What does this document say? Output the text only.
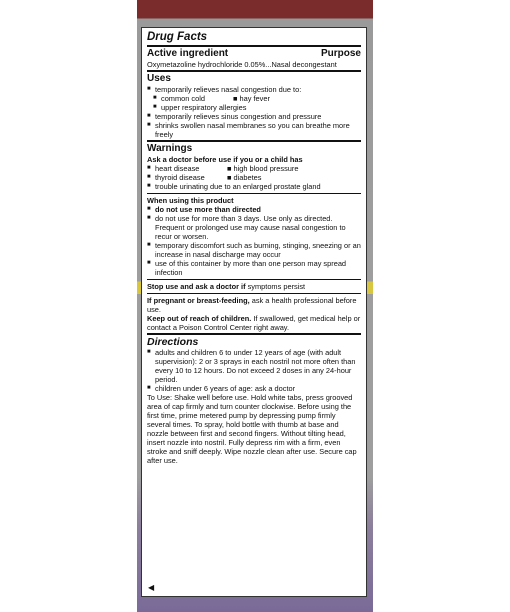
Drug Facts
Active ingredient	Purpose
Oxymetazoline hydrochloride 0.05%...Nasal decongestant
Uses
■ temporarily relieves nasal congestion due to:
■ common cold	■ hay fever
■ upper respiratory allergies
■ temporarily relieves sinus congestion and pressure
■ shrinks swollen nasal membranes so you can breathe more freely
Warnings
Ask a doctor before use if you or a child has
■ heart disease	■ high blood pressure
■ thyroid disease	■ diabetes
■ trouble urinating due to an enlarged prostate gland
When using this product
■ do not use more than directed
■ do not use for more than 3 days. Use only as directed. Frequent or prolonged use may cause nasal congestion to recur or worsen.
■ temporary discomfort such as burning, stinging, sneezing or an increase in nasal discharge may occur
■ use of this container by more than one person may spread infection
Stop use and ask a doctor if symptoms persist
If pregnant or breast-feeding, ask a health professional before use.
Keep out of reach of children. If swallowed, get medical help or contact a Poison Control Center right away.
Directions
■ adults and children 6 to under 12 years of age (with adult supervision): 2 or 3 sprays in each nostril not more often than every 10 to 12 hours. Do not exceed 2 doses in any 24-hour period.
■ children under 6 years of age: ask a doctor
To Use: Shake well before use. Hold white tabs, press grooved area of cap firmly and turn counter clockwise. Before using the first time, prime metered pump by depressing pump firmly several times. To spray, hold bottle with thumb at base and nozzle between first and second fingers. Without tilting head, insert nozzle into nostril. Fully depress rim with a firm, even stroke and sniff deeply. Wipe nozzle clean after use. Secure cap after use.
◀
